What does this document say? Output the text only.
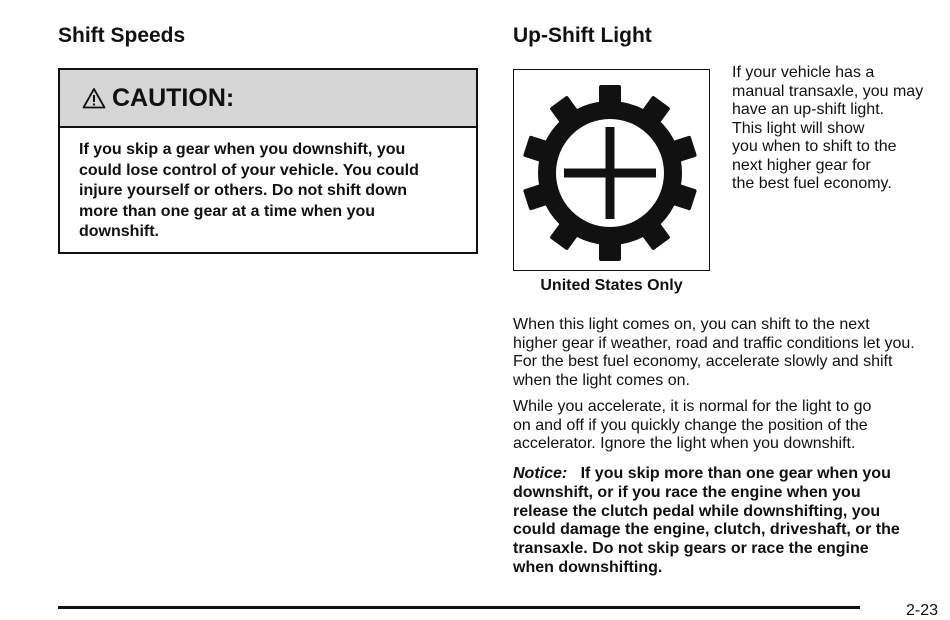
Shift Speeds
CAUTION:
If you skip a gear when you downshift, you
could lose control of your vehicle. You could
injure yourself or others. Do not shift down
more than one gear at a time when you
downshift.
Up-Shift Light
United States Only
If your vehicle has a
manual transaxle, you may
have an up-shift light.
This light will show
you when to shift to the
next higher gear for
the best fuel economy.
When this light comes on, you can shift to the next
higher gear if weather, road and traffic conditions let you.
For the best fuel economy, accelerate slowly and shift
when the light comes on.
While you accelerate, it is normal for the light to go
on and off if you quickly change the position of the
accelerator. Ignore the light when you downshift.
Notice: If you skip more than one gear when you
downshift, or if you race the engine when you
release the clutch pedal while downshifting, you
could damage the engine, clutch, driveshaft, or the
transaxle. Do not skip gears or race the engine
when downshifting.
2-23
